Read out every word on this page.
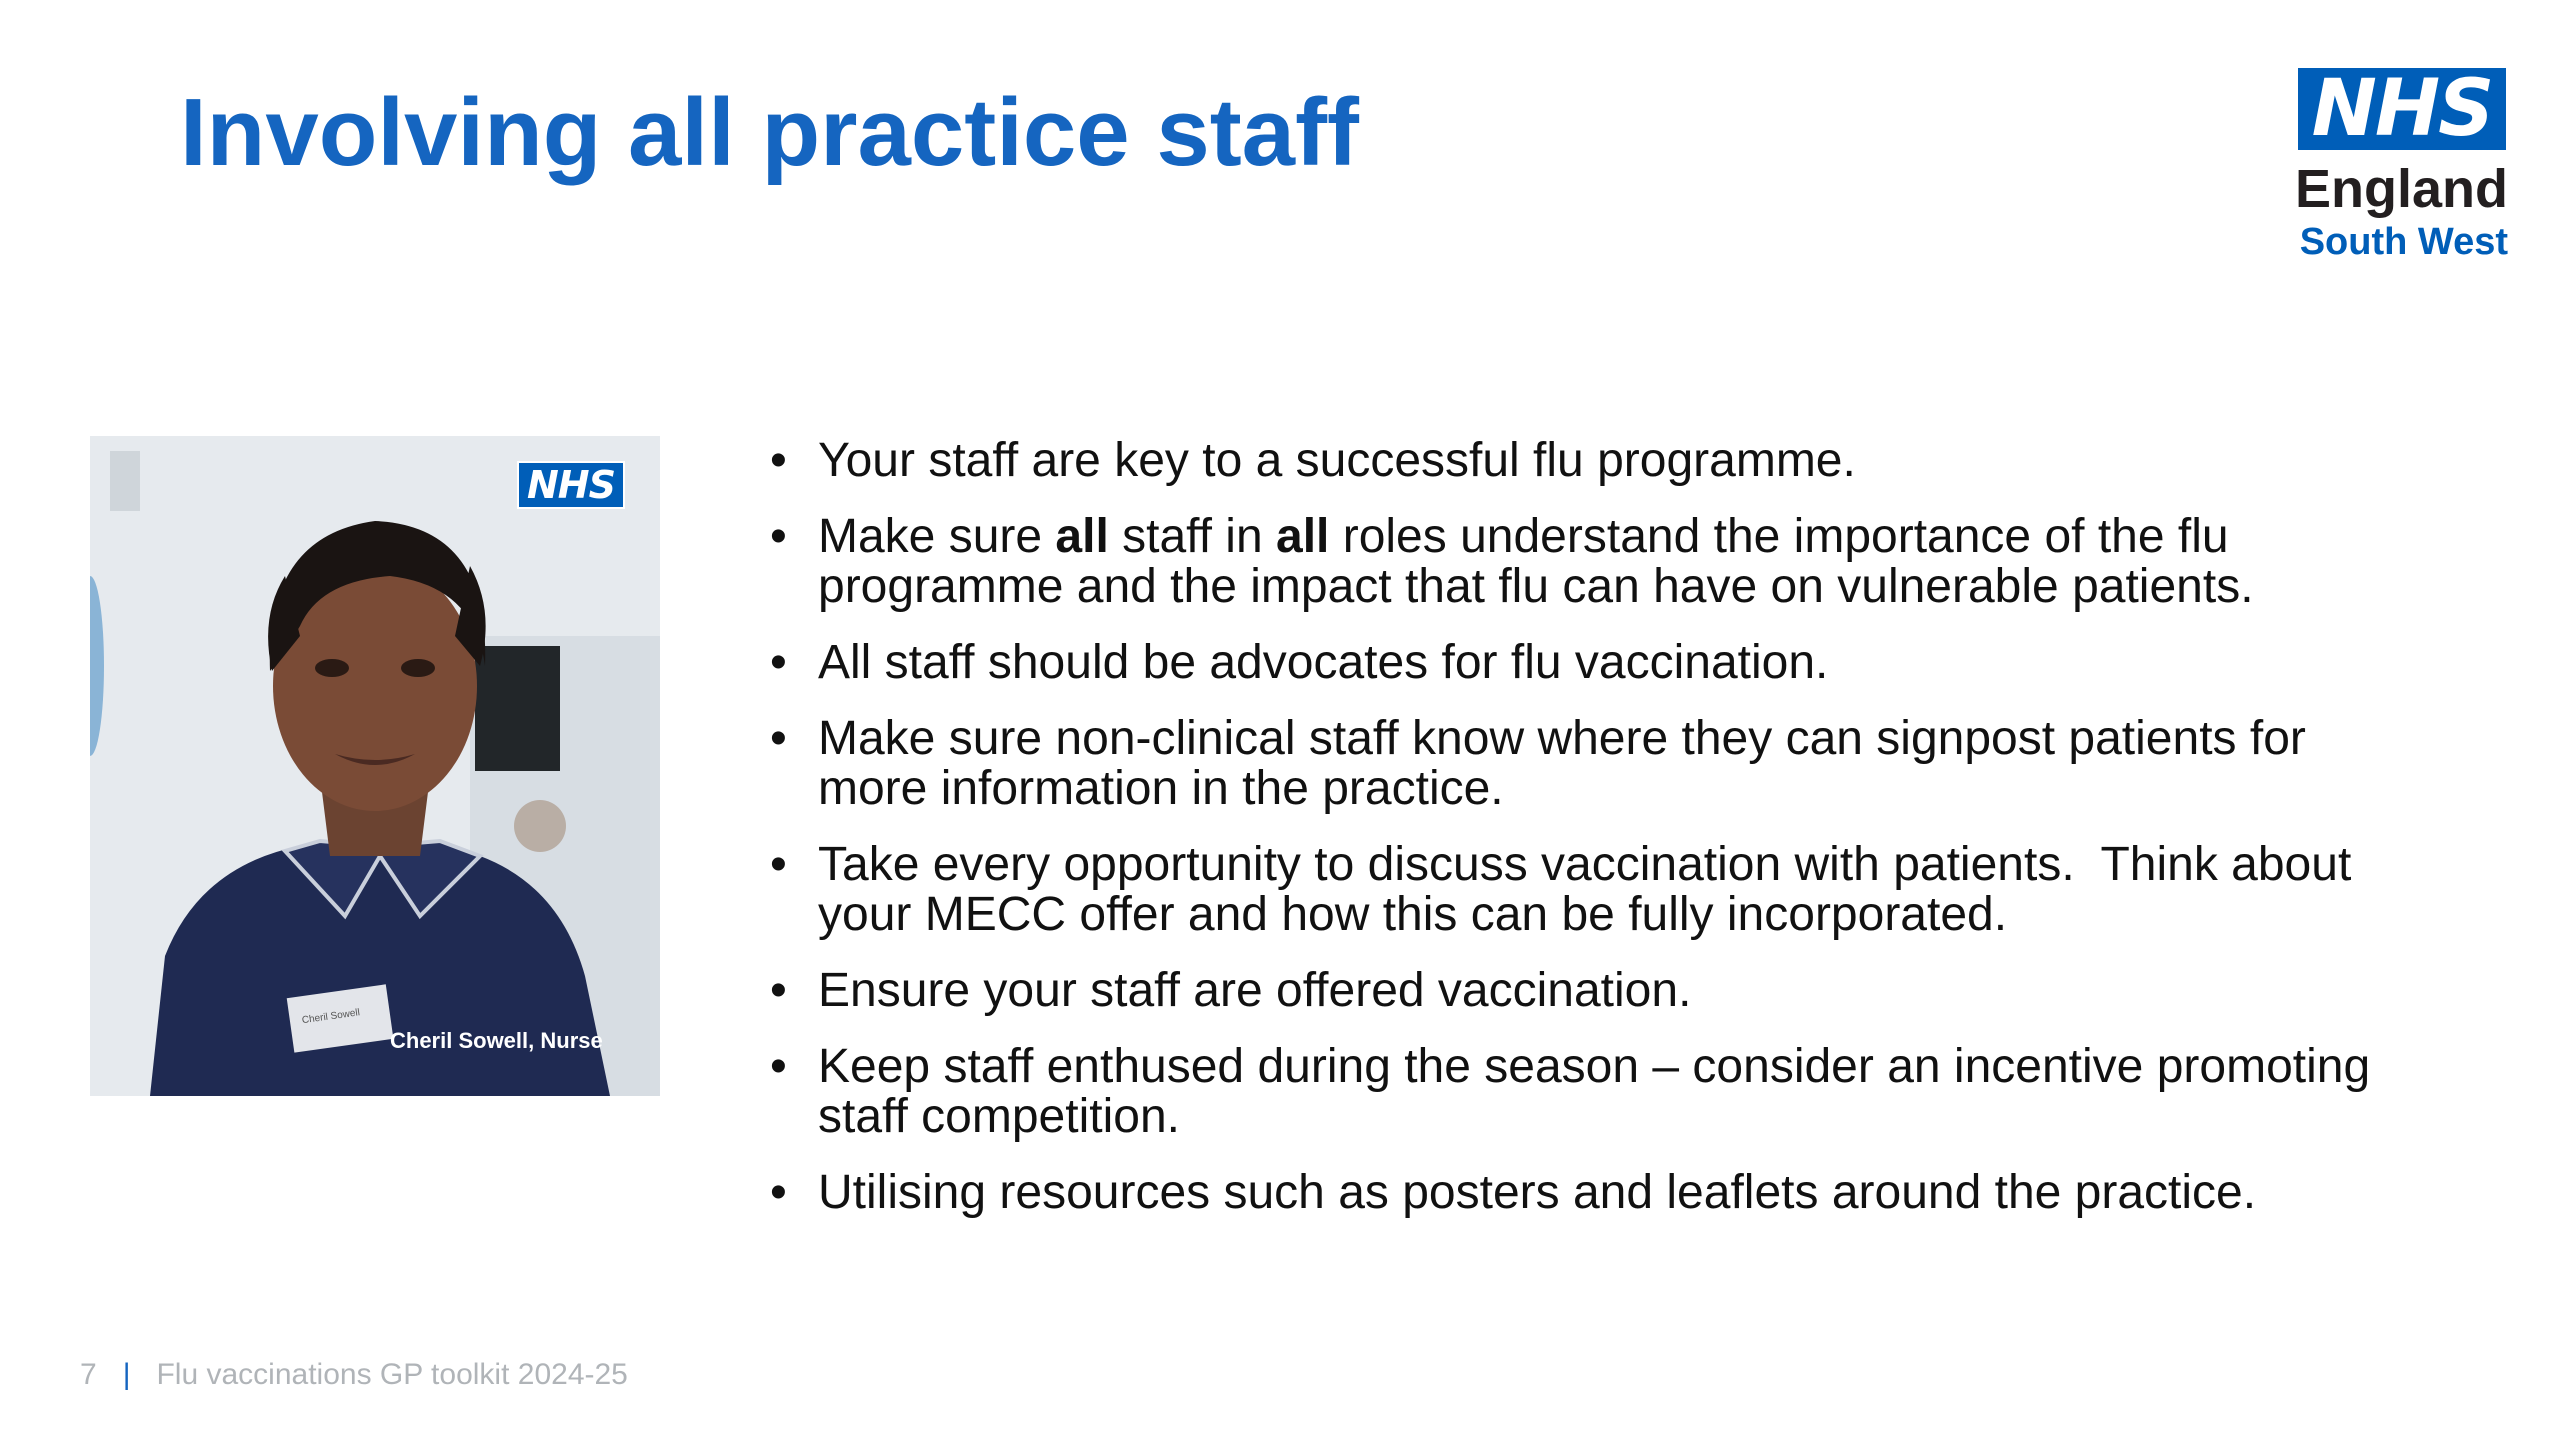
Involving all practice staff	NHS
England
South West
Cheril Sowell
NHS
Cheril Sowell, Nurse
• Your staff are key to a successful flu programme.
• Make sure all staff in all roles understand the importance of the flu programme and the impact that flu can have on vulnerable patients.
• All staff should be advocates for flu vaccination.
• Make sure non-clinical staff know where they can signpost patients for more information in the practice.
• Take every opportunity to discuss vaccination with patients.  Think about your MECC offer and how this can be fully incorporated.
• Ensure your staff are offered vaccination.
• Keep staff enthused during the season – consider an incentive promoting staff competition.
• Utilising resources such as posters and leaflets around the practice.
7 | Flu vaccinations GP toolkit 2024-25
